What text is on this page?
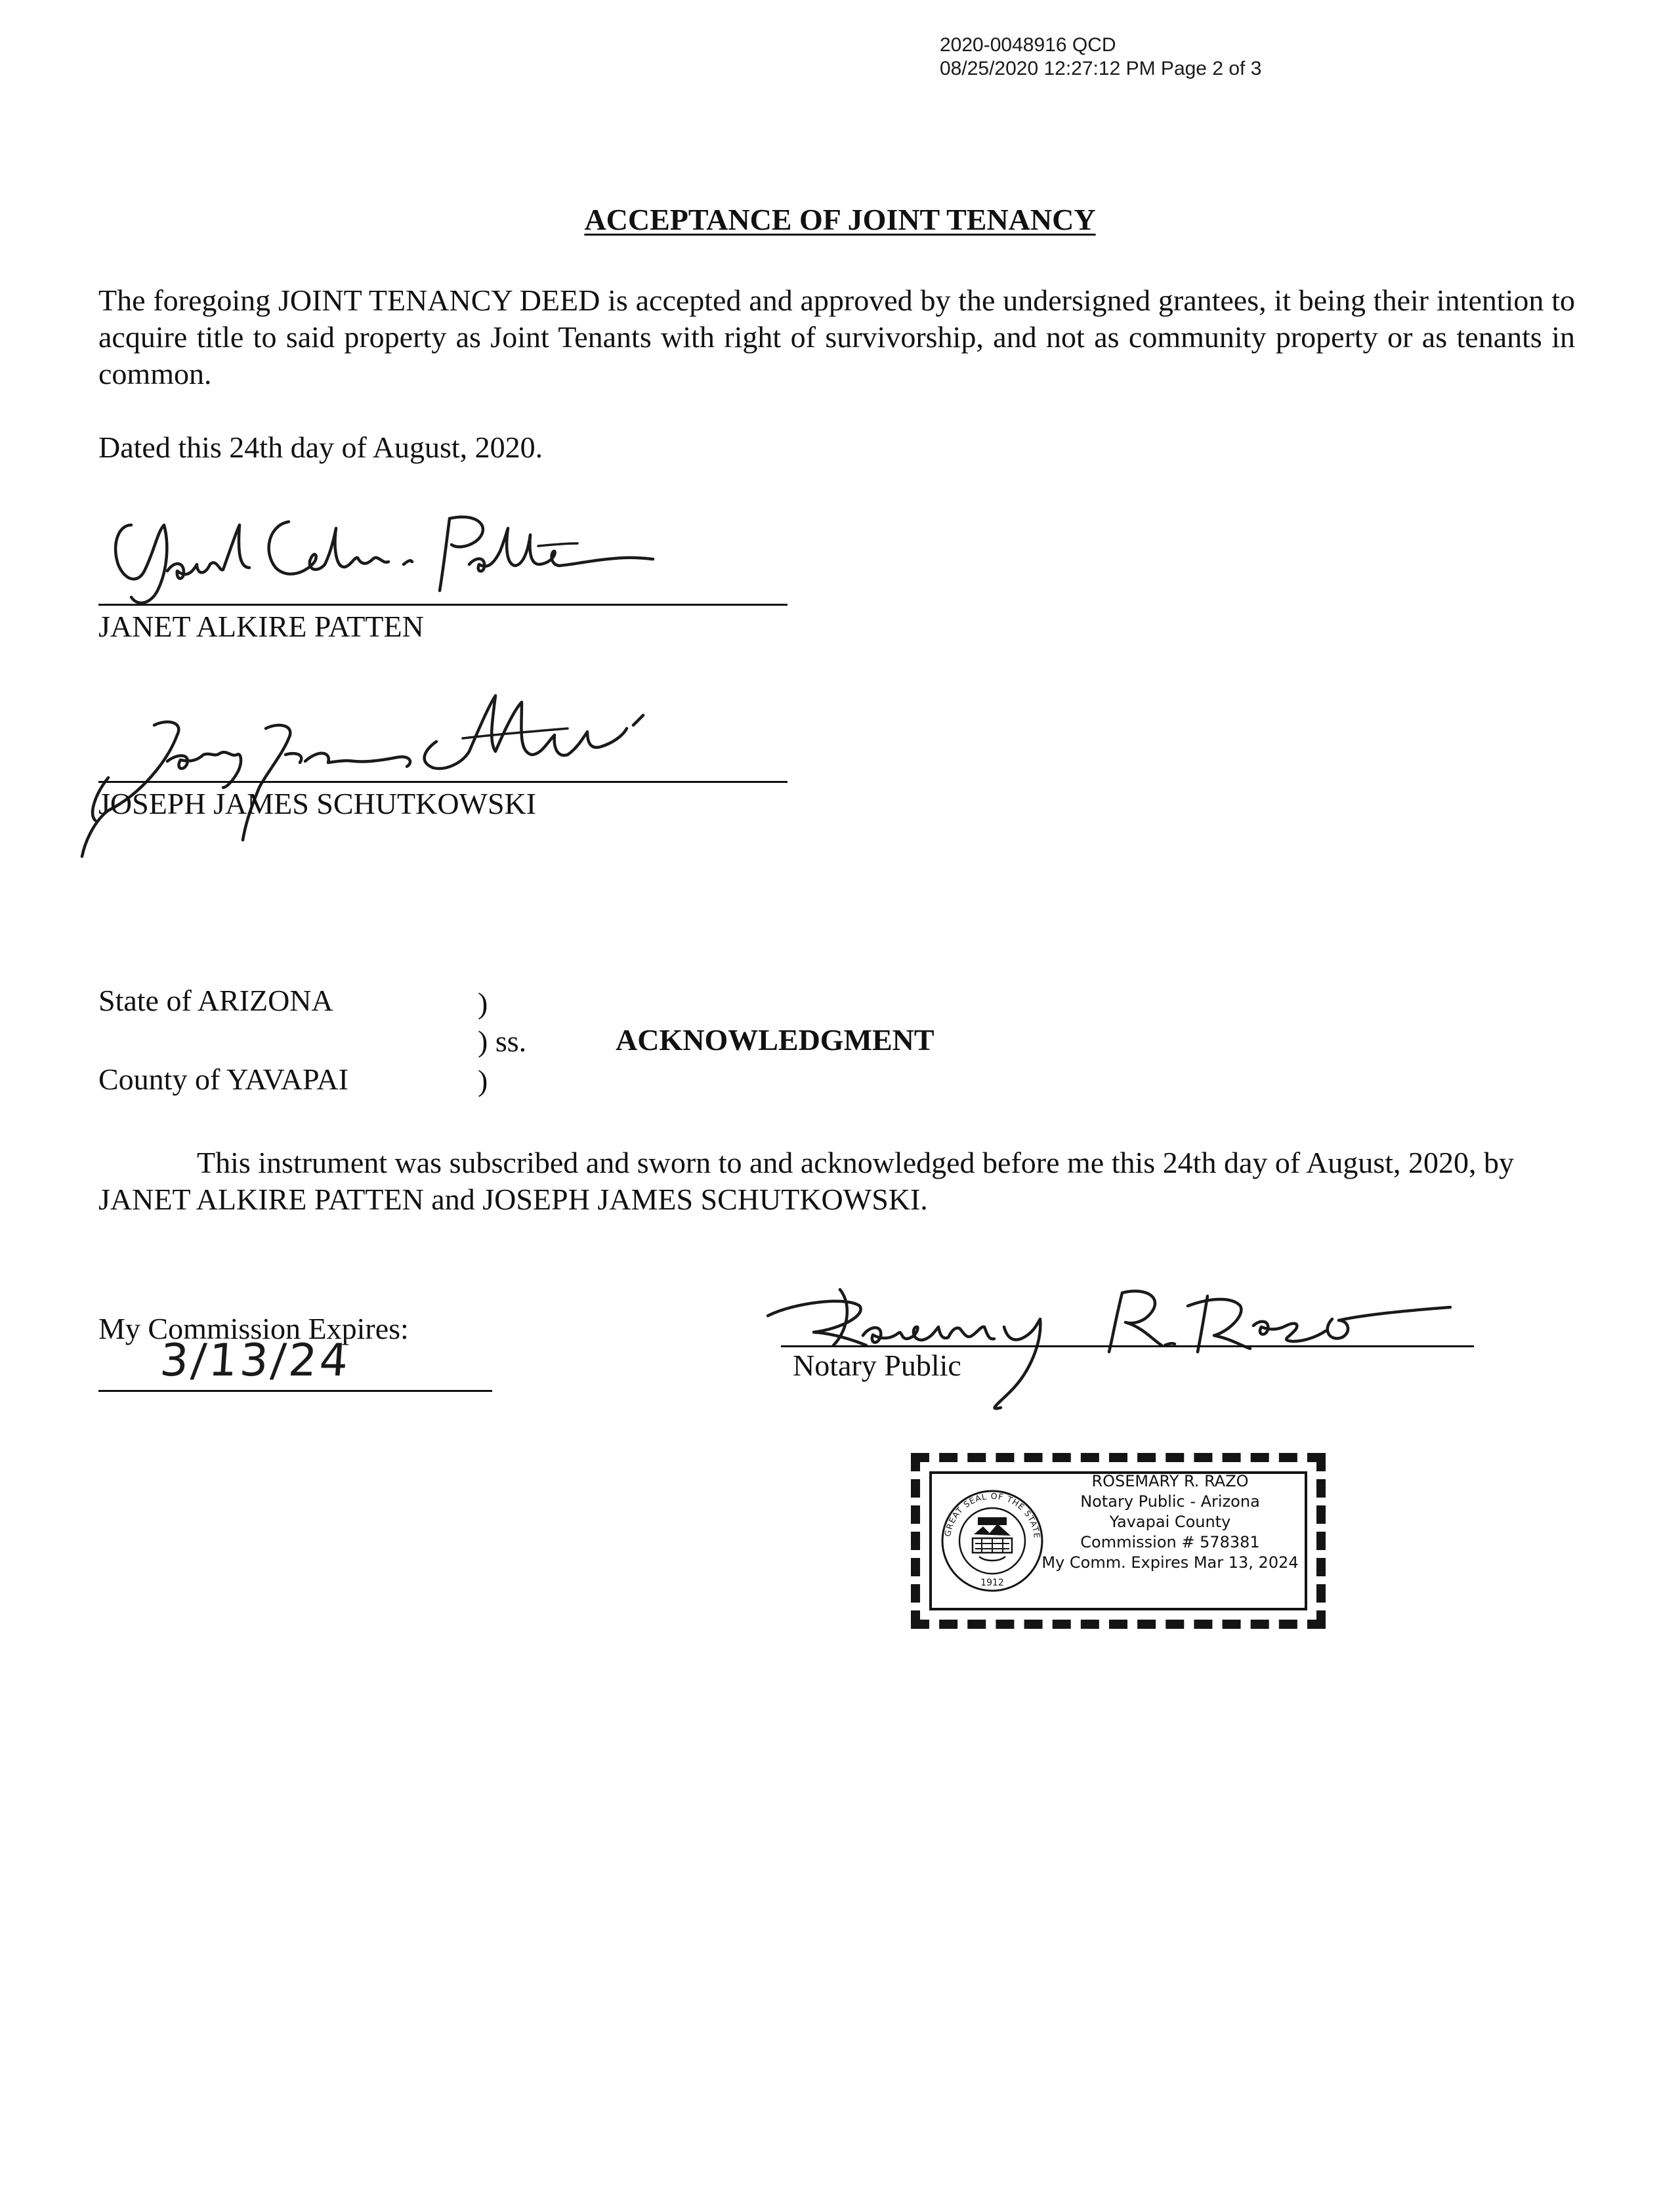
2020-0048916 QCD
08/25/2020 12:27:12 PM Page 2 of 3
ACCEPTANCE OF JOINT TENANCY
The foregoing JOINT TENANCY DEED is accepted and approved by the undersigned grantees, it being their intention to acquire title to said property as Joint Tenants with right of survivorship, and not as community property or as tenants in common.
Dated this 24th day of August, 2020.
JANET ALKIRE PATTEN
JOSEPH JAMES SCHUTKOWSKI
State of ARIZONA
County of YAVAPAI
)
) ss.
)
ACKNOWLEDGMENT
This instrument was subscribed and sworn to and acknowledged before me this 24th day of August, 2020, by JANET ALKIRE PATTEN and JOSEPH JAMES SCHUTKOWSKI.
My Commission Expires:
3/13/24	Notary Public
GREAT SEAL OF THE STATE OF ARIZONA
1912
ROSEMARY R. RAZO
Notary Public - Arizona
Yavapai County
Commission # 578381
My Comm. Expires Mar 13, 2024
